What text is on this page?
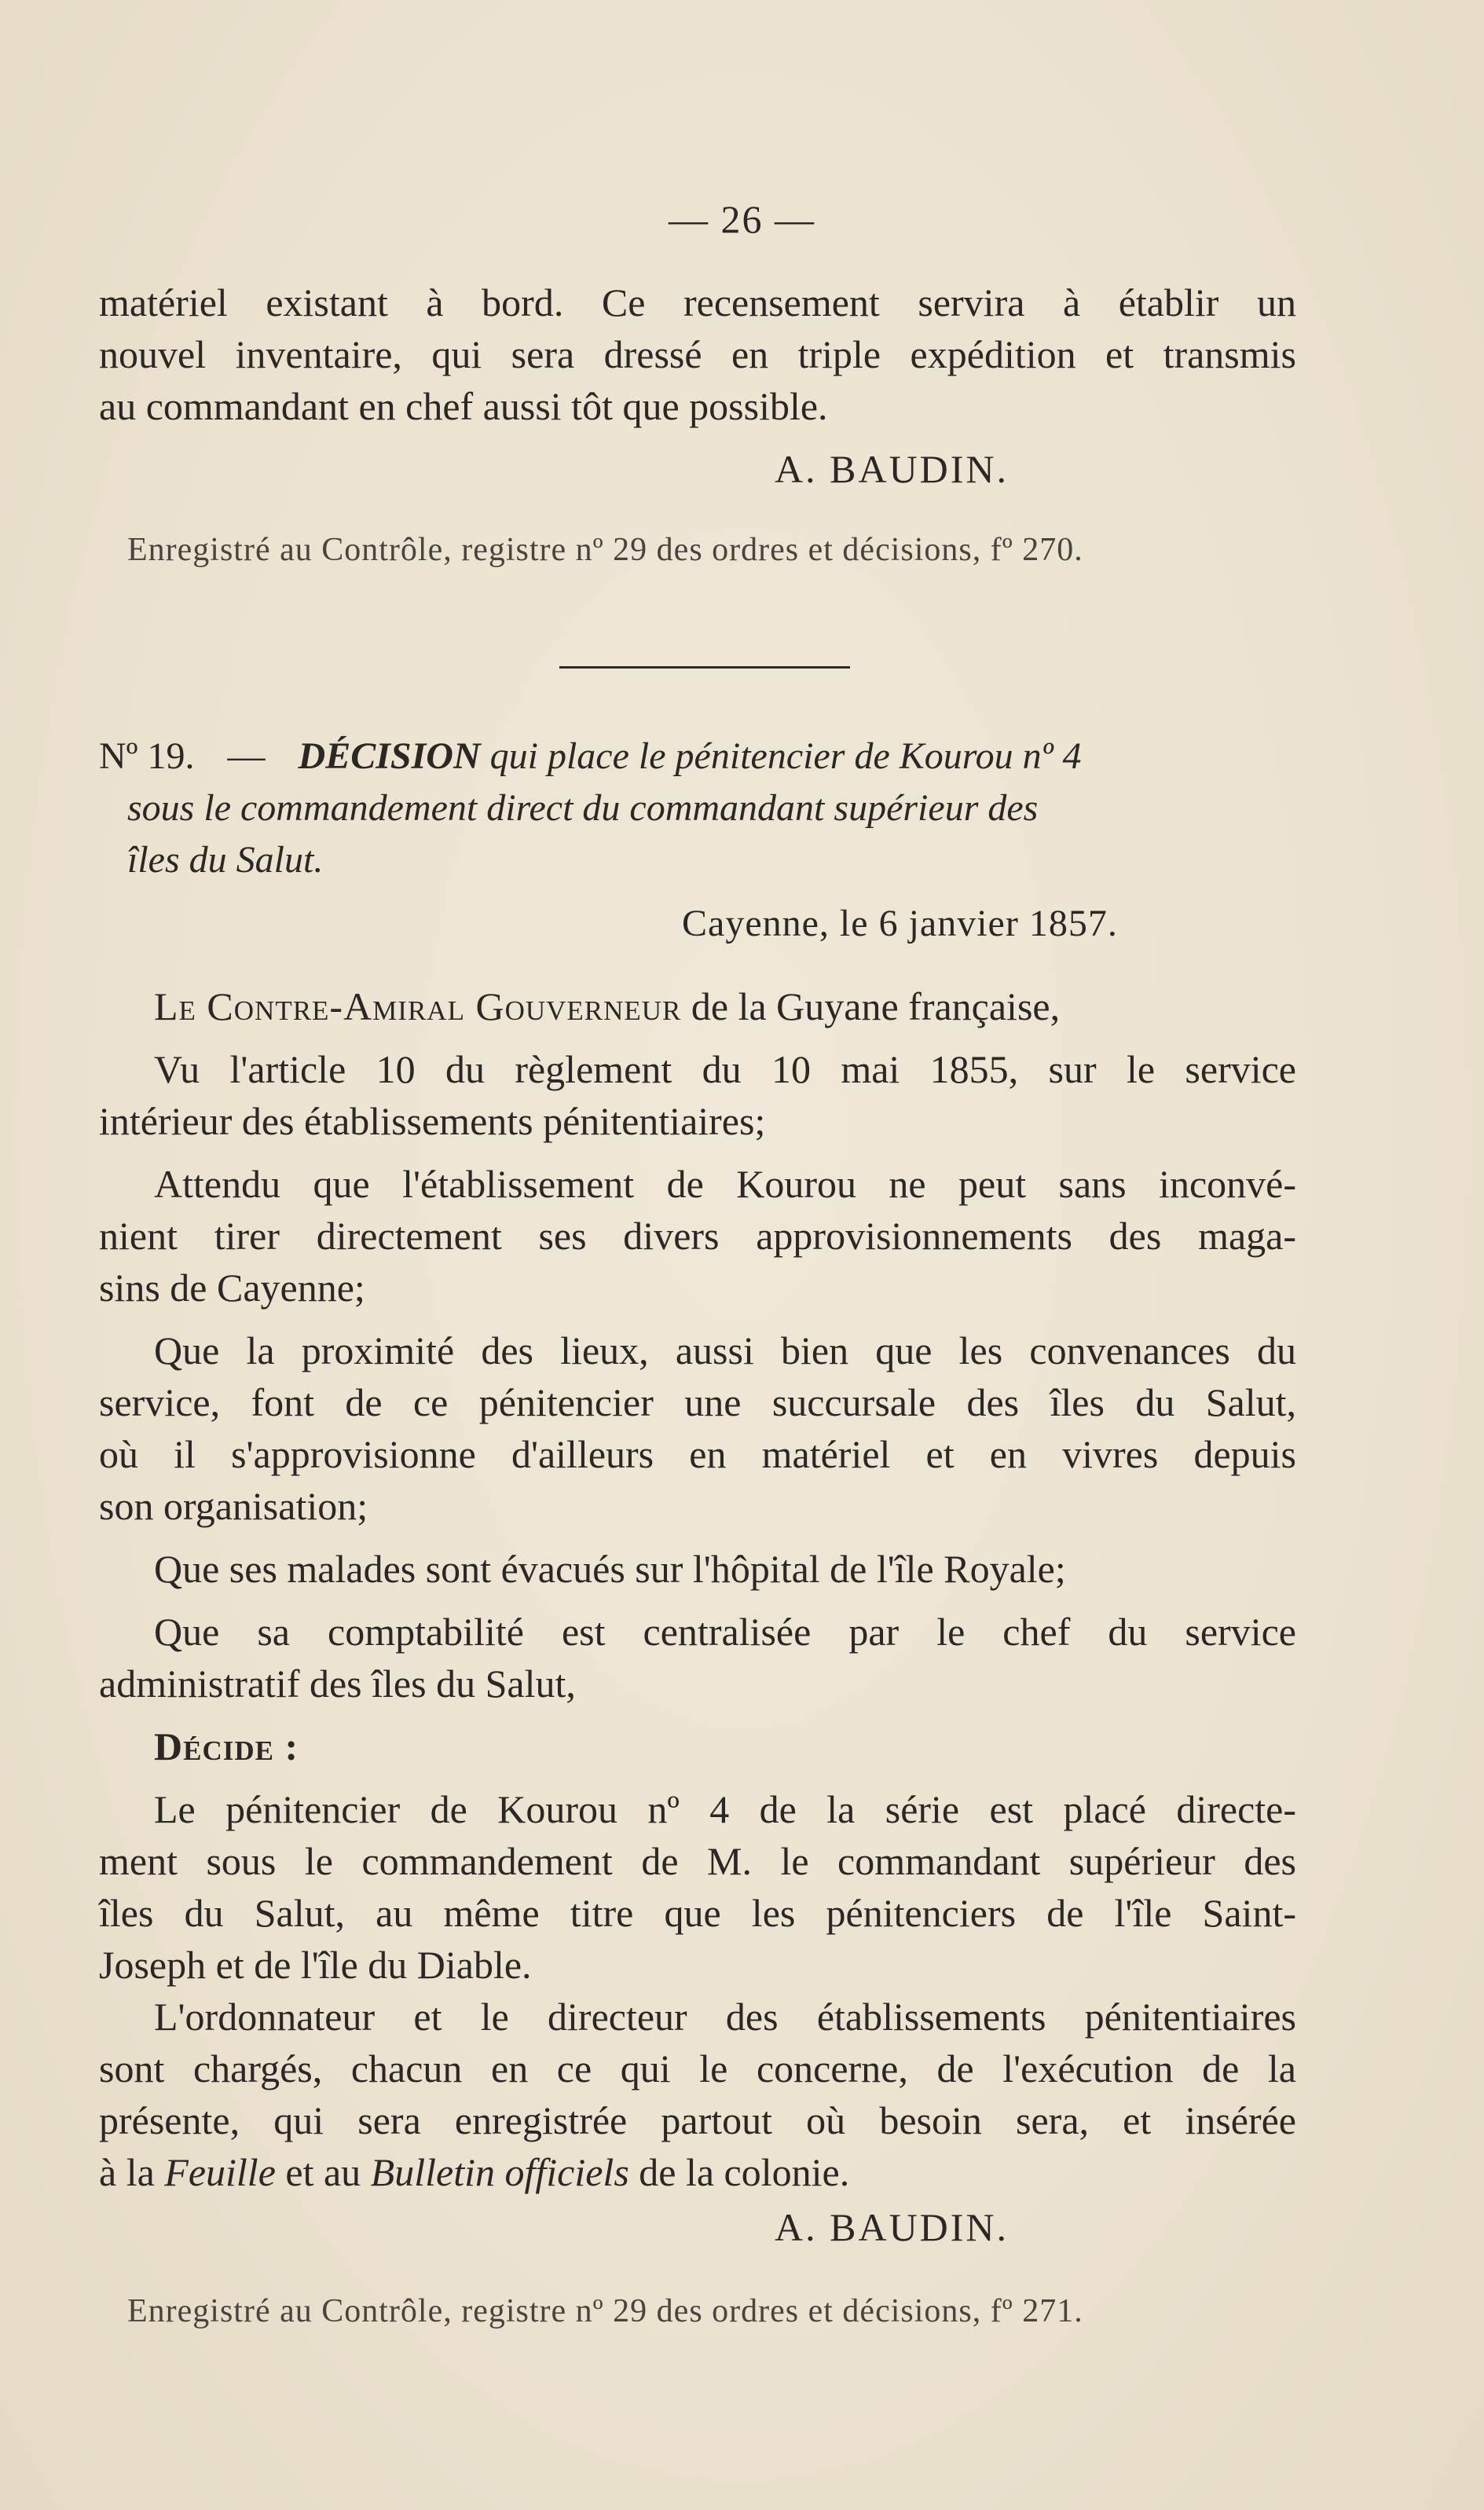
— 26 —
matériel existant à bord. Ce recensement servira à établir un
nouvel inventaire, qui sera dressé en triple expédition et transmis
au commandant en chef aussi tôt que possible.
A. BAUDIN.
Enregistré au Contrôle, registre nº 29 des ordres et décisions, fº 270.
Nº 19. — DÉCISION qui place le pénitencier de Kourou nº 4
sous le commandement direct du commandant supérieur des
îles du Salut.
Cayenne, le 6 janvier 1857.
Le Contre-Amiral Gouverneur de la Guyane française,
Vu l'article 10 du règlement du 10 mai 1855, sur le service
intérieur des établissements pénitentiaires;
Attendu que l'établissement de Kourou ne peut sans inconvé-
nient tirer directement ses divers approvisionnements des maga-
sins de Cayenne;
Que la proximité des lieux, aussi bien que les convenances du
service, font de ce pénitencier une succursale des îles du Salut,
où il s'approvisionne d'ailleurs en matériel et en vivres depuis
son organisation;
Que ses malades sont évacués sur l'hôpital de l'île Royale;
Que sa comptabilité est centralisée par le chef du service
administratif des îles du Salut,
Décide :
Le pénitencier de Kourou nº 4 de la série est placé directe-
ment sous le commandement de M. le commandant supérieur des
îles du Salut, au même titre que les pénitenciers de l'île Saint-
Joseph et de l'île du Diable.
L'ordonnateur et le directeur des établissements pénitentiaires
sont chargés, chacun en ce qui le concerne, de l'exécution de la
présente, qui sera enregistrée partout où besoin sera, et insérée
à la Feuille et au Bulletin officiels de la colonie.
A. BAUDIN.
Enregistré au Contrôle, registre nº 29 des ordres et décisions, fº 271.
